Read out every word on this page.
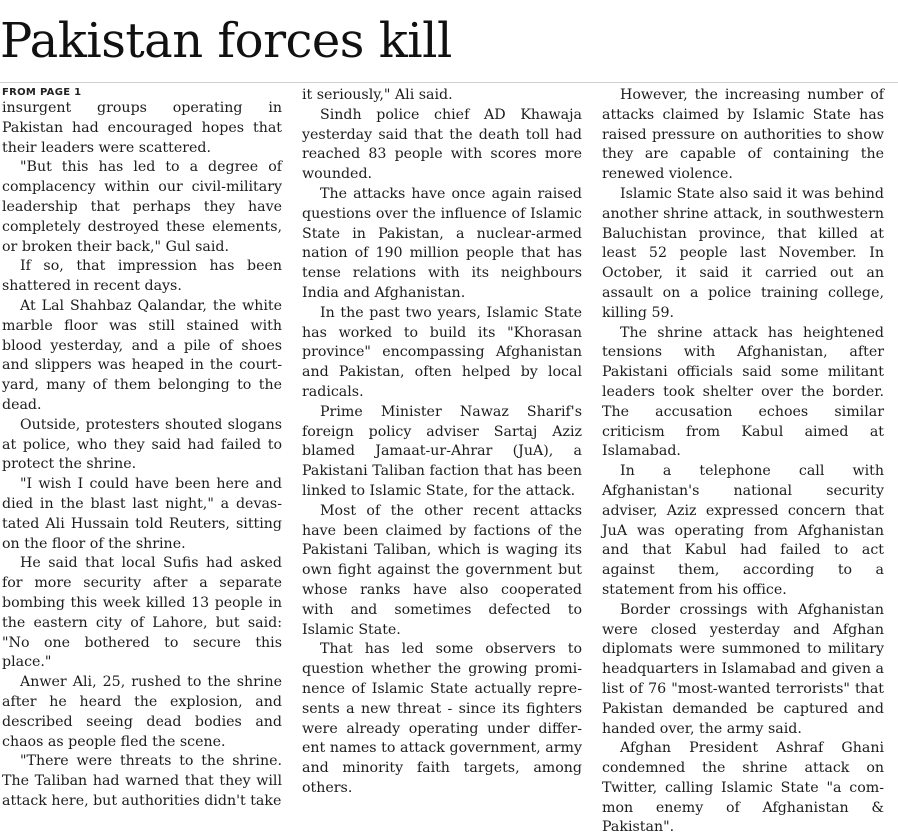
Pakistan forces kill
FROM PAGE 1

insurgent groups operating in Pakistan had encouraged hopes that their leaders were scattered.

"But this has led to a degree of complacency within our civil-military leadership that perhaps they have completely destroyed these elements, or broken their back," Gul said.

If so, that impression has been shattered in recent days.

At Lal Shahbaz Qalandar, the white marble floor was still stained with blood yesterday, and a pile of shoes and slippers was heaped in the courtyard, many of them belonging to the dead.

Outside, protesters shouted slogans at police, who they said had failed to protect the shrine.

"I wish I could have been here and died in the blast last night," a devastated Ali Hussain told Reuters, sitting on the floor of the shrine.

He said that local Sufis had asked for more security after a separate bombing this week killed 13 people in the eastern city of Lahore, but said: "No one bothered to secure this place."

Anwer Ali, 25, rushed to the shrine after he heard the explosion, and described seeing dead bodies and chaos as people fled the scene.

"There were threats to the shrine. The Taliban had warned that they will attack here, but authorities didn't take

it seriously," Ali said.

Sindh police chief AD Khawaja yesterday said that the death toll had reached 83 people with scores more wounded.

The attacks have once again raised questions over the influence of Islamic State in Pakistan, a nuclear-armed nation of 190 million people that has tense relations with its neighbours India and Afghanistan.

In the past two years, Islamic State has worked to build its "Khorasan province" encompassing Afghanistan and Pakistan, often helped by local radicals.

Prime Minister Nawaz Sharif's foreign policy adviser Sartaj Aziz blamed Jamaat-ur-Ahrar (JuA), a Pakistani Taliban faction that has been linked to Islamic State, for the attack.

Most of the other recent attacks have been claimed by factions of the Pakistani Taliban, which is waging its own fight against the government but whose ranks have also cooperated with and sometimes defected to Islamic State.

That has led some observers to question whether the growing prominence of Islamic State actually represents a new threat - since its fighters were already operating under different names to attack government, army and minority faith targets, among others.

However, the increasing number of attacks claimed by Islamic State has raised pressure on authorities to show they are capable of containing the renewed violence.

Islamic State also said it was behind another shrine attack, in southwestern Baluchistan province, that killed at least 52 people last November. In October, it said it carried out an assault on a police training college, killing 59.

The shrine attack has heightened tensions with Afghanistan, after Pakistani officials said some militant leaders took shelter over the border. The accusation echoes similar criticism from Kabul aimed at Islamabad.

In a telephone call with Afghanistan's national security adviser, Aziz expressed concern that JuA was operating from Afghanistan and that Kabul had failed to act against them, according to a statement from his office.

Border crossings with Afghanistan were closed yesterday and Afghan diplomats were summoned to military headquarters in Islamabad and given a list of 76 "most-wanted terrorists" that Pakistan demanded be captured and handed over, the army said.

Afghan President Ashraf Ghani condemned the shrine attack on Twitter, calling Islamic State "a common enemy of Afghanistan & Pakistan".
